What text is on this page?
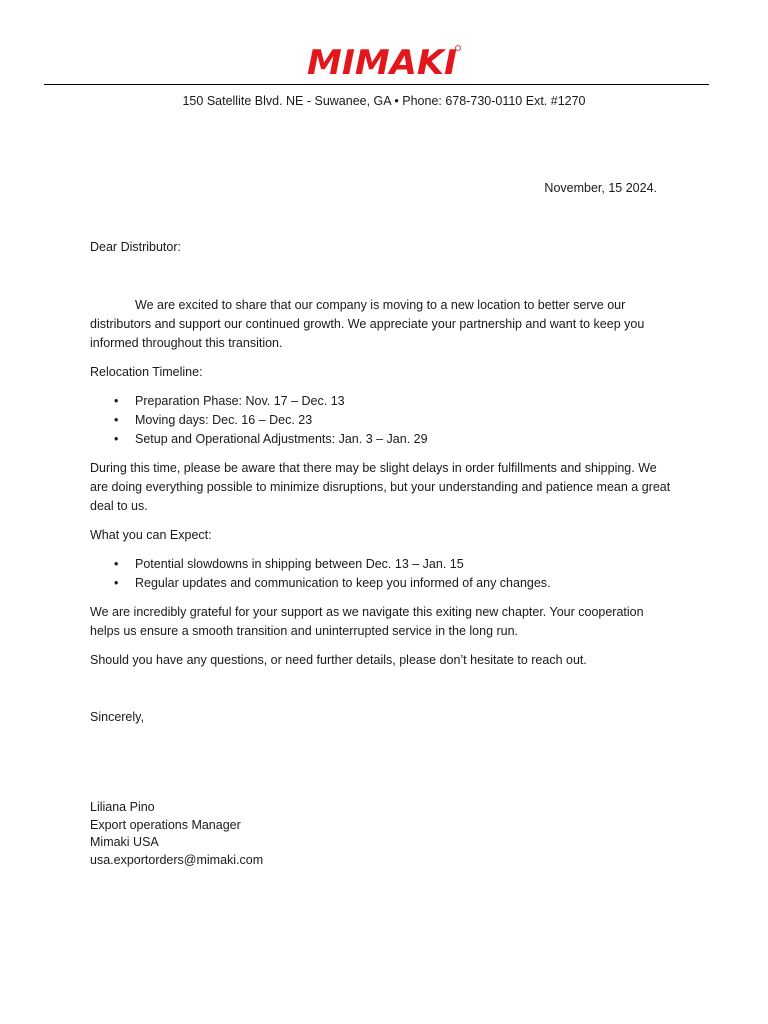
MIMAKI
150 Satellite Blvd. NE - Suwanee, GA • Phone: 678-730-0110 Ext. #1270
November, 15 2024.

Dear Distributor:

We are excited to share that our company is moving to a new location to better serve our distributors and support our continued growth. We appreciate your partnership and want to keep you informed throughout this transition.

Relocation Timeline:

• Preparation Phase: Nov. 17 – Dec. 13
• Moving days: Dec. 16 – Dec. 23
• Setup and Operational Adjustments: Jan. 3 – Jan. 29

During this time, please be aware that there may be slight delays in order fulfillments and shipping. We are doing everything possible to minimize disruptions, but your understanding and patience mean a great deal to us.

What you can Expect:

• Potential slowdowns in shipping between Dec. 13 – Jan. 15
• Regular updates and communication to keep you informed of any changes.

We are incredibly grateful for your support as we navigate this exiting new chapter. Your cooperation helps us ensure a smooth transition and uninterrupted service in the long run.

Should you have any questions, or need further details, please don’t hesitate to reach out.

Sincerely,

Liliana Pino
Export operations Manager
Mimaki USA
usa.exportorders@mimaki.com
